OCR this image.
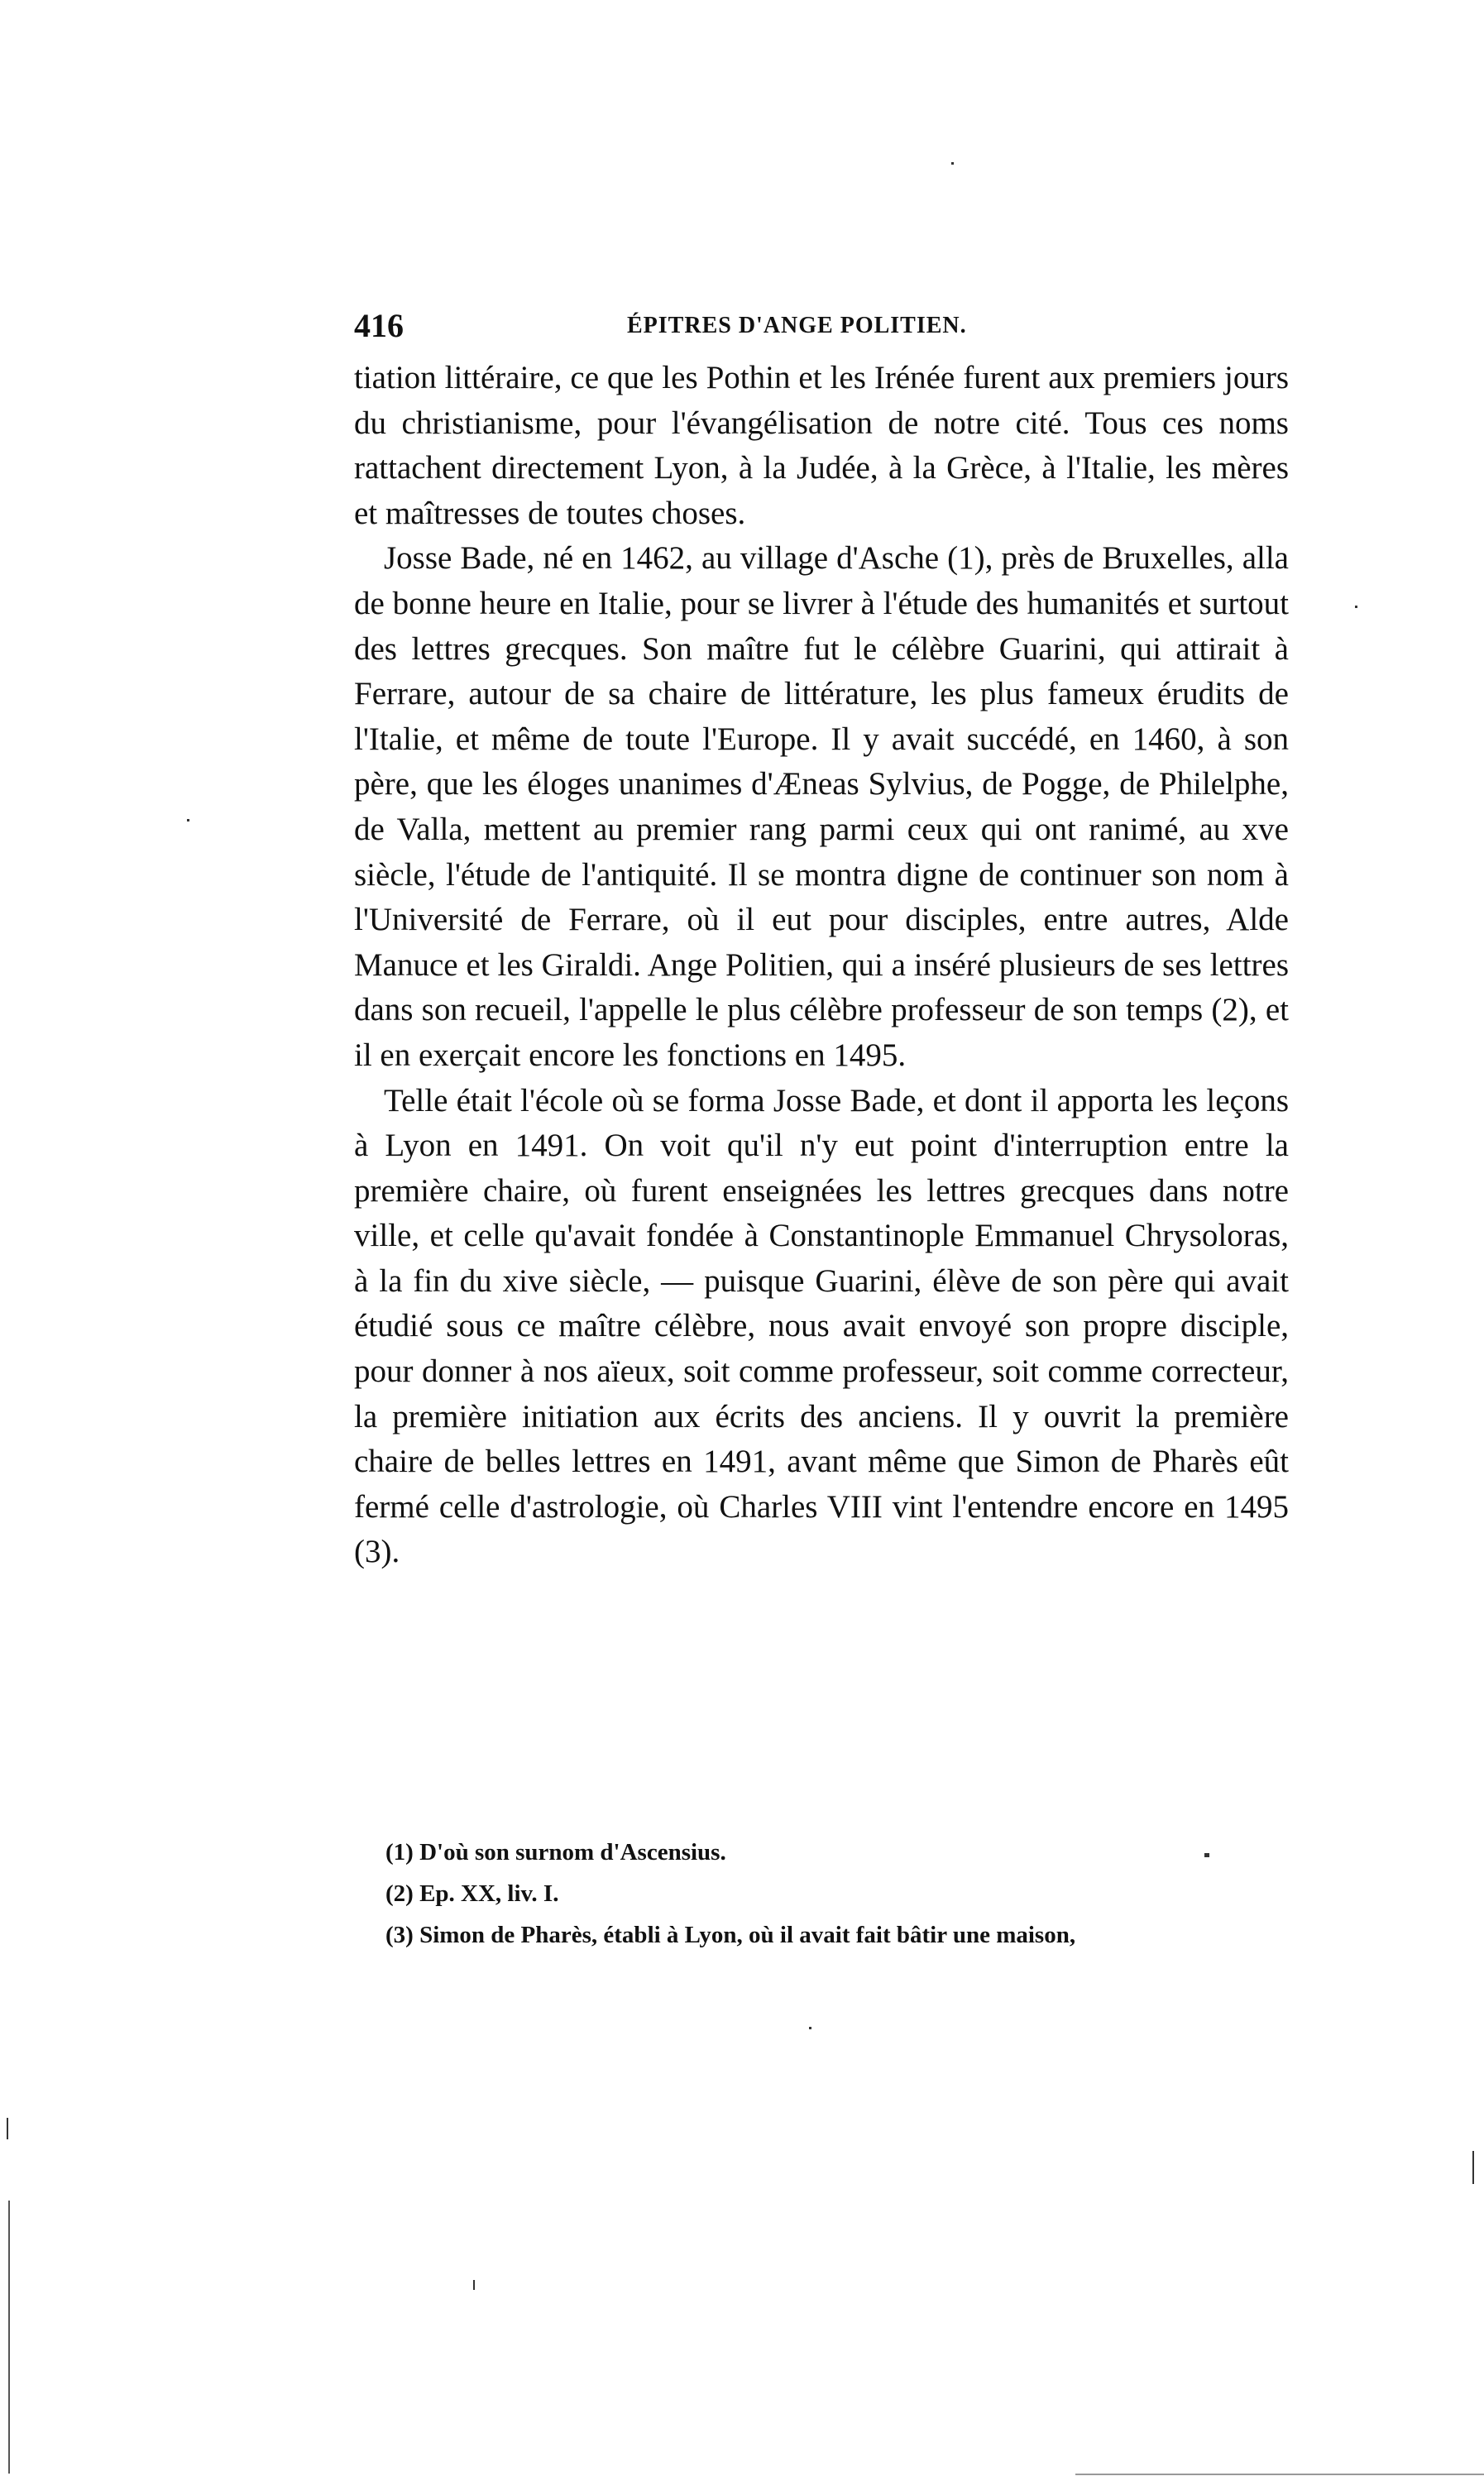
416	ÉPITRES D'ANGE POLITIEN.

tiation littéraire, ce que les Pothin et les Irénée furent aux premiers jours du christianisme, pour l'évangélisation de notre cité. Tous ces noms rattachent directement Lyon, à la Judée, à la Grèce, à l'Italie, les mères et maîtresses de toutes choses.

Josse Bade, né en 1462, au village d'Asche (1), près de Bruxelles, alla de bonne heure en Italie, pour se livrer à l'étude des humanités et surtout des lettres grecques. Son maître fut le célèbre Guarini, qui attirait à Ferrare, autour de sa chaire de littérature, les plus fameux érudits de l'Italie, et même de toute l'Europe. Il y avait succédé, en 1460, à son père, que les éloges unanimes d'Æneas Sylvius, de Pogge, de Philelphe, de Valla, mettent au premier rang parmi ceux qui ont ranimé, au xve siècle, l'étude de l'antiquité. Il se montra digne de continuer son nom à l'Université de Ferrare, où il eut pour disciples, entre autres, Alde Manuce et les Giraldi. Ange Politien, qui a inséré plusieurs de ses lettres dans son recueil, l'appelle le plus célèbre professeur de son temps (2), et il en exerçait encore les fonctions en 1495.

Telle était l'école où se forma Josse Bade, et dont il apporta les leçons à Lyon en 1491. On voit qu'il n'y eut point d'interruption entre la première chaire, où furent enseignées les lettres grecques dans notre ville, et celle qu'avait fondée à Constantinople Emmanuel Chrysoloras, à la fin du xive siècle, — puisque Guarini, élève de son père qui avait étudié sous ce maître célèbre, nous avait envoyé son propre disciple, pour donner à nos aïeux, soit comme professeur, soit comme correcteur, la première initiation aux écrits des anciens. Il y ouvrit la première chaire de belles lettres en 1491, avant même que Simon de Pharès eût fermé celle d'astrologie, où Charles VIII vint l'entendre encore en 1495 (3).

(1) D'où son surnom d'Ascensius.
(2) Ep. XX, liv. I.
(3) Simon de Pharès, établi à Lyon, où il avait fait bâtir une maison,
